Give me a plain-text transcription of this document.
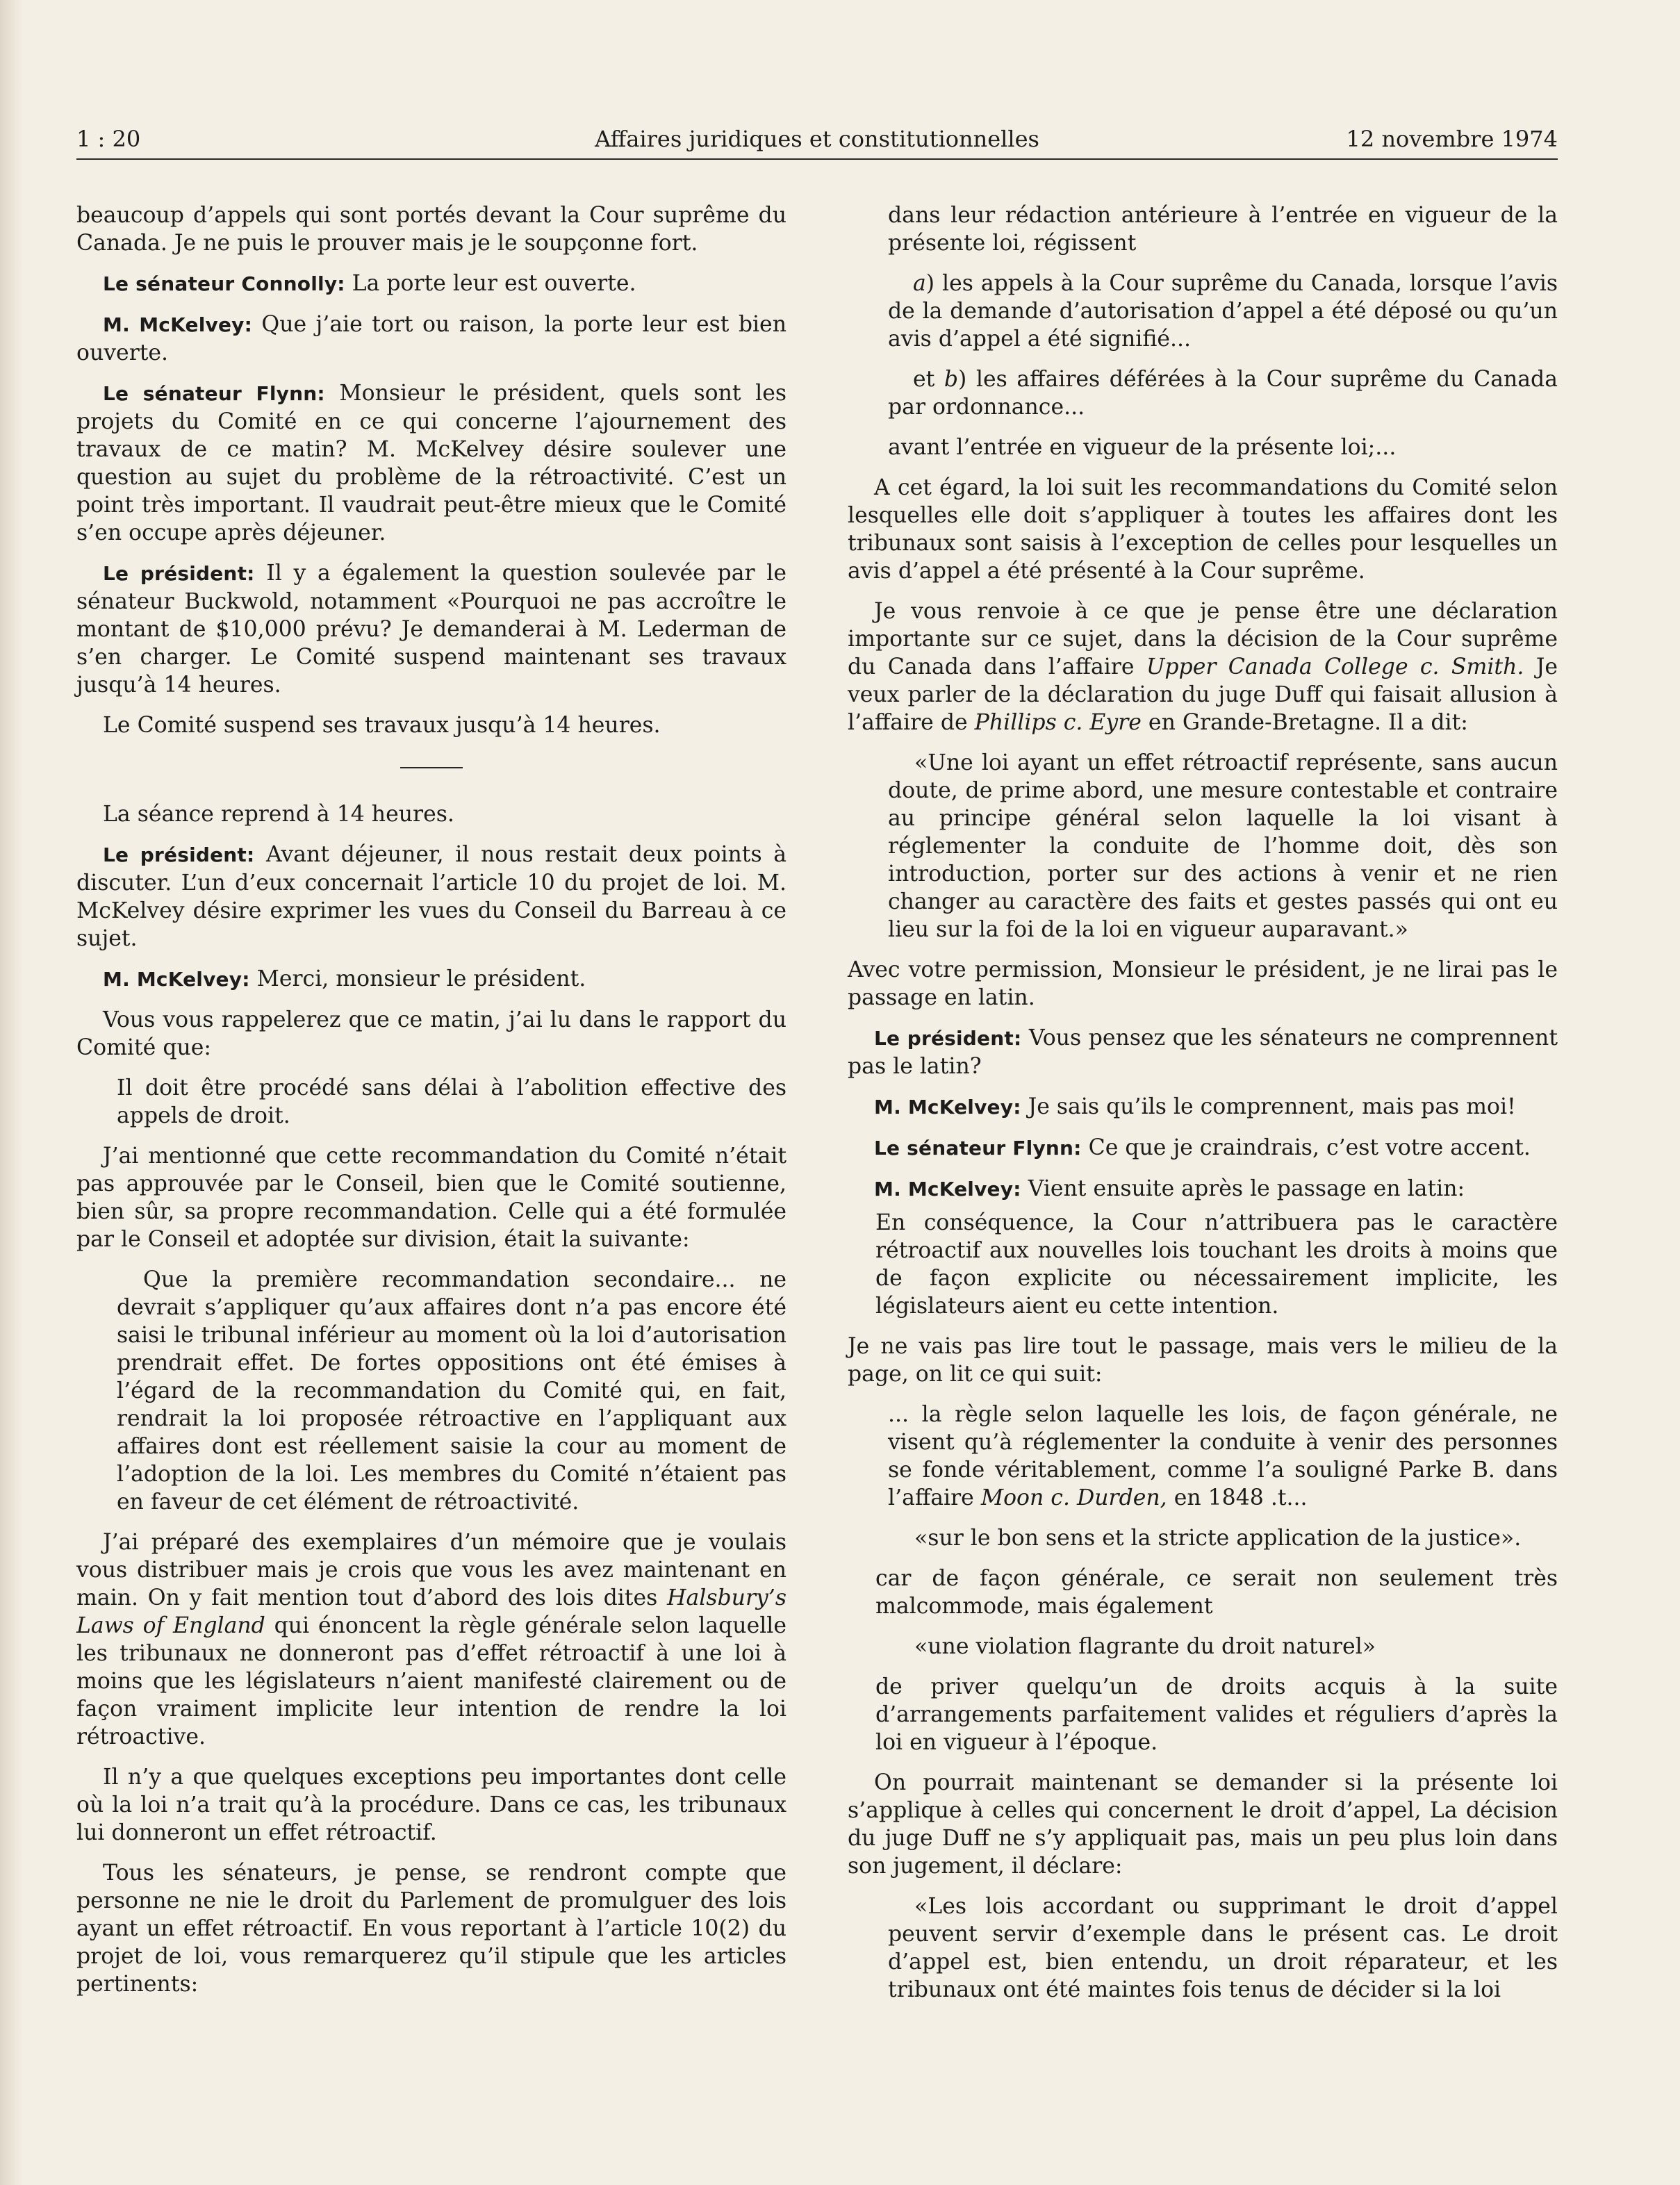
1 : 20	Affaires juridiques et constitutionnelles	12 novembre 1974

beaucoup d’appels qui sont portés devant la Cour suprême du Canada. Je ne puis le prouver mais je le soupçonne fort.

Le sénateur Connolly: La porte leur est ouverte.

M. McKelvey: Que j’aie tort ou raison, la porte leur est bien ouverte.

Le sénateur Flynn: Monsieur le président, quels sont les projets du Comité en ce qui concerne l’ajournement des travaux de ce matin? M. McKelvey désire soulever une question au sujet du problème de la rétroactivité. C’est un point très important. Il vaudrait peut-être mieux que le Comité s’en occupe après déjeuner.

Le président: Il y a également la question soulevée par le sénateur Buckwold, notamment «Pourquoi ne pas accroître le montant de $10,000 prévu? Je demanderai à M. Lederman de s’en charger. Le Comité suspend maintenant ses travaux jusqu’à 14 heures.

Le Comité suspend ses travaux jusqu’à 14 heures.

La séance reprend à 14 heures.

Le président: Avant déjeuner, il nous restait deux points à discuter. L’un d’eux concernait l’article 10 du projet de loi. M. McKelvey désire exprimer les vues du Conseil du Barreau à ce sujet.

M. McKelvey: Merci, monsieur le président.

Vous vous rappelerez que ce matin, j’ai lu dans le rapport du Comité que:

Il doit être procédé sans délai à l’abolition effective des appels de droit.

J’ai mentionné que cette recommandation du Comité n’était pas approuvée par le Conseil, bien que le Comité soutienne, bien sûr, sa propre recommandation. Celle qui a été formulée par le Conseil et adoptée sur division, était la suivante:

Que la première recommandation secondaire... ne devrait s’appliquer qu’aux affaires dont n’a pas encore été saisi le tribunal inférieur au moment où la loi d’autorisation prendrait effet. De fortes oppositions ont été émises à l’égard de la recommandation du Comité qui, en fait, rendrait la loi proposée rétroactive en l’appliquant aux affaires dont est réellement saisie la cour au moment de l’adoption de la loi. Les membres du Comité n’étaient pas en faveur de cet élément de rétroactivité.

J’ai préparé des exemplaires d’un mémoire que je voulais vous distribuer mais je crois que vous les avez maintenant en main. On y fait mention tout d’abord des lois dites Halsbury’s Laws of England qui énoncent la règle générale selon laquelle les tribunaux ne donneront pas d’effet rétroactif à une loi à moins que les législateurs n’aient manifesté clairement ou de façon vraiment implicite leur intention de rendre la loi rétroactive.

Il n’y a que quelques exceptions peu importantes dont celle où la loi n’a trait qu’à la procédure. Dans ce cas, les tribunaux lui donneront un effet rétroactif.

Tous les sénateurs, je pense, se rendront compte que personne ne nie le droit du Parlement de promulguer des lois ayant un effet rétroactif. En vous reportant à l’article 10(2) du projet de loi, vous remarquerez qu’il stipule que les articles pertinents:

dans leur rédaction antérieure à l’entrée en vigueur de la présente loi, régissent

a) les appels à la Cour suprême du Canada, lorsque l’avis de la demande d’autorisation d’appel a été déposé ou qu’un avis d’appel a été signifié...

et b) les affaires déférées à la Cour suprême du Canada par ordonnance...

avant l’entrée en vigueur de la présente loi;...

A cet égard, la loi suit les recommandations du Comité selon lesquelles elle doit s’appliquer à toutes les affaires dont les tribunaux sont saisis à l’exception de celles pour lesquelles un avis d’appel a été présenté à la Cour suprême.

Je vous renvoie à ce que je pense être une déclaration importante sur ce sujet, dans la décision de la Cour suprême du Canada dans l’affaire Upper Canada College c. Smith. Je veux parler de la déclaration du juge Duff qui faisait allusion à l’affaire de Phillips c. Eyre en Grande-Bretagne. Il a dit:

«Une loi ayant un effet rétroactif représente, sans aucun doute, de prime abord, une mesure contestable et contraire au principe général selon laquelle la loi visant à réglementer la conduite de l’homme doit, dès son introduction, porter sur des actions à venir et ne rien changer au caractère des faits et gestes passés qui ont eu lieu sur la foi de la loi en vigueur auparavant.»

Avec votre permission, Monsieur le président, je ne lirai pas le passage en latin.

Le président: Vous pensez que les sénateurs ne comprennent pas le latin?

M. McKelvey: Je sais qu’ils le comprennent, mais pas moi!

Le sénateur Flynn: Ce que je craindrais, c’est votre accent.

M. McKelvey: Vient ensuite après le passage en latin:

En conséquence, la Cour n’attribuera pas le caractère rétroactif aux nouvelles lois touchant les droits à moins que de façon explicite ou nécessairement implicite, les législateurs aient eu cette intention.

Je ne vais pas lire tout le passage, mais vers le milieu de la page, on lit ce qui suit:

... la règle selon laquelle les lois, de façon générale, ne visent qu’à réglementer la conduite à venir des personnes se fonde véritablement, comme l’a souligné Parke B. dans l’affaire Moon c. Durden, en 1848 .t...

«sur le bon sens et la stricte application de la justice».

car de façon générale, ce serait non seulement très malcommode, mais également

«une violation flagrante du droit naturel»

de priver quelqu’un de droits acquis à la suite d’arrangements parfaitement valides et réguliers d’après la loi en vigueur à l’époque.

On pourrait maintenant se demander si la présente loi s’applique à celles qui concernent le droit d’appel, La décision du juge Duff ne s’y appliquait pas, mais un peu plus loin dans son jugement, il déclare:

«Les lois accordant ou supprimant le droit d’appel peuvent servir d’exemple dans le présent cas. Le droit d’appel est, bien entendu, un droit réparateur, et les tribunaux ont été maintes fois tenus de décider si la loi
